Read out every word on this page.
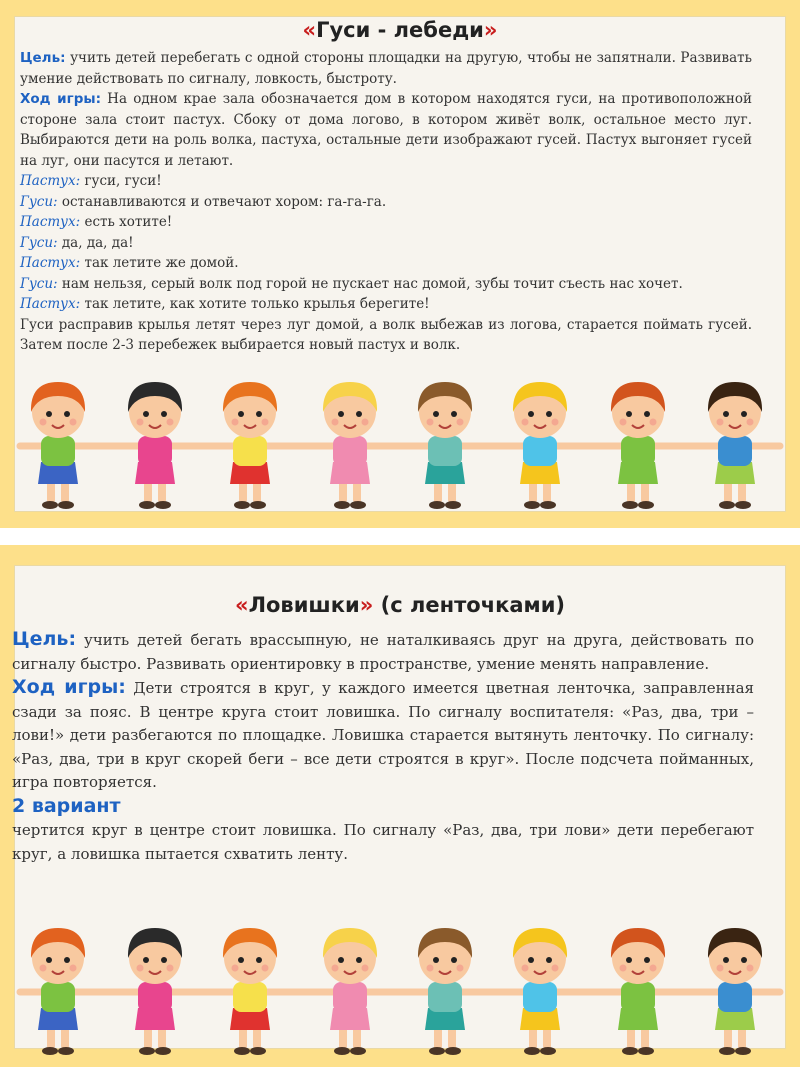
«Гуси - лебеди»
Цель: учить детей перебегать с одной стороны площадки на другую, чтобы не запятнали. Развивать умение действовать по сигналу, ловкость, быстроту.
Ход игры: На одном крае зала обозначается дом в котором находятся гуси, на противоположной стороне зала стоит пастух. Сбоку от дома логово, в котором живёт волк, остальное место луг. Выбираются дети на роль волка, пастуха, остальные дети изображают гусей. Пастух выгоняет гусей на луг, они пасутся и летают.
Пастух: гуси, гуси!
Гуси: останавливаются и отвечают хором: га-га-га.
Пастух: есть хотите!
Гуси: да, да, да!
Пастух: так летите же домой.
Гуси: нам нельзя, серый волк под горой не пускает нас домой, зубы точит съесть нас хочет.
Пастух: так летите, как хотите только крылья берегите!
Гуси расправив крылья летят через луг домой, а волк выбежав из логова, старается поймать гусей. Затем после 2-3 перебежек выбирается новый пастух и волк.
«Ловишки» (с ленточками)
Цель: учить детей бегать врассыпную, не наталкиваясь друг на друга, действовать по сигналу быстро. Развивать ориентировку в пространстве, умение менять направление.
Ход игры: Дети строятся в круг, у каждого имеется цветная ленточка, заправленная сзади за пояс. В центре круга стоит ловишка. По сигналу воспитателя: «Раз, два, три – лови!» дети разбегаются по площадке. Ловишка старается вытянуть ленточку. По сигналу: «Раз, два, три в круг скорей беги – все дети строятся в круг». После подсчета пойманных, игра повторяется.
2 вариант
чертится круг в центре стоит ловишка. По сигналу «Раз, два, три лови» дети перебегают круг, а ловишка пытается схватить ленту.
